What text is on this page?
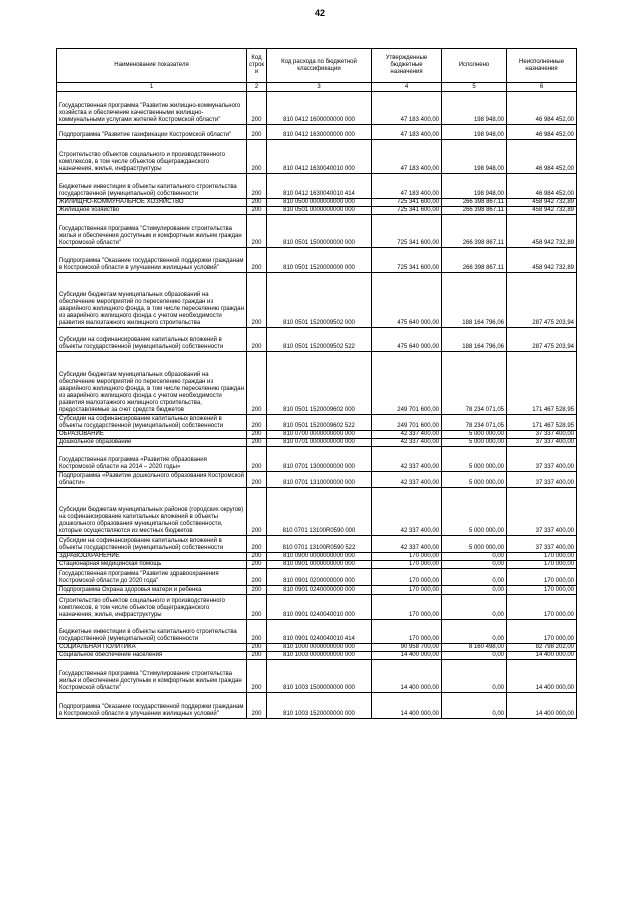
42
Наименование показателя	Код строк и	Код расхода по бюджетной классификации	Утвержденные бюджетные назначения	Исполнено	Неисполненные назначения
1	2	3	4	5	6
Государственная программа "Развитие жилищно-коммунального хозяйства и обеспечение качественными жилищно-коммунальными услугами жителей Костромской области"	200	810 0412 1600000000 000	47 183 400,00	198 948,00	46 984 452,00
Подпрограмма "Развитие газификации Костромской области"	200	810 0412 1630000000 000	47 183 400,00	198 948,00	46 984 452,00
Строительство объектов социального и производственного комплексов, в том числе объектов общегражданского назначения, жилья, инфраструктуры	200	810 0412 1630040010 000	47 183 400,00	198 948,00	46 984 452,00
Бюджетные инвестиции в объекты капитального строительства государственной (муниципальной) собственности	200	810 0412 1630040010 414	47 183 400,00	198 948,00	46 984 452,00
ЖИЛИЩНО-КОММУНАЛЬНОЕ ХОЗЯЙСТВО	200	810 0500 0000000000 000	725 341 600,00	266 398 867,11	458 942 732,89
Жилищное хозяйство	200	810 0501 0000000000 000	725 341 600,00	266 398 867,11	458 942 732,89
Государственная программа "Стимулирование строительства жилья и обеспечения доступным и комфортным жильем граждан Костромской области"	200	810 0501 1500000000 000	725 341 600,00	266 398 867,11	458 942 732,89
Подпрограмма "Оказание государственной поддержки гражданам в Костромской области в улучшении жилищных условий"	200	810 0501 1520000000 000	725 341 600,00	266 398 867,11	458 942 732,89
Субсидии бюджетам муниципальных образований на обеспечение мероприятий по переселению граждан из аварийного жилищного фонда, в том числе переселению граждан из аварийного жилищного фонда с учетом необходимости развития малоэтажного жилищного строительства	200	810 0501 1520009502 000	475 640 000,00	188 164 796,06	287 475 203,94
Субсидии на софинансирование капитальных вложений в объекты государственной (муниципальной) собственности	200	810 0501 1520009502 522	475 640 000,00	188 164 796,06	287 475 203,94
Субсидии бюджетам муниципальных образований на обеспечение мероприятий по переселению граждан из аварийного жилищного фонда, в том числе переселению граждан из аварийного жилищного фонда с учетом необходимости развития малоэтажного жилищного строительства, предоставляемые за счет средств бюджетов	200	810 0501 1520009602 000	249 701 600,00	78 234 071,05	171 467 528,95
Субсидии на софинансирование капитальных вложений в объекты государственной (муниципальной) собственности	200	810 0501 1520009602 522	249 701 600,00	78 234 071,05	171 467 528,95
ОБРАЗОВАНИЕ	200	810 0700 0000000000 000	42 337 400,00	5 000 000,00	37 337 400,00
Дошкольное образование	200	810 0701 0000000000 000	42 337 400,00	5 000 000,00	37 337 400,00
Государственная программа «Развитие образования Костромской области на 2014 – 2020 годы»	200	810 0701 1300000000 000	42 337 400,00	5 000 000,00	37 337 400,00
Подпрограмма «Развитие дошкольного образования Костромской области»	200	810 0701 1310000000 000	42 337 400,00	5 000 000,00	37 337 400,00
Субсидии бюджетам муниципальных районов (городских округов) на софинансирование капитальных вложений в объекты дошкольного образования муниципальной собственности, которые осуществляются из местных бюджетов	200	810 0701 13100R0590 000	42 337 400,00	5 000 000,00	37 337 400,00
Субсидии на софинансирование капитальных вложений в объекты государственной (муниципальной) собственности	200	810 0701 13100R0590 522	42 337 400,00	5 000 000,00	37 337 400,00
ЗДРАВООХРАНЕНИЕ	200	810 0900 0000000000 000	170 000,00	0,00	170 000,00
Стационарная медицинская помощь	200	810 0901 0000000000 000	170 000,00	0,00	170 000,00
Государственная программа "Развитие здравоохранения Костромской области до 2020 года"	200	810 0901 0200000000 000	170 000,00	0,00	170 000,00
Подпрограмма Охрана здоровья матери и ребенка	200	810 0901 0240000000 000	170 000,00	0,00	170 000,00
Строительство объектов социального и производственного комплексов, в том числе объектов общегражданского назначения, жилья, инфраструктуры	200	810 0901 0240040010 000	170 000,00	0,00	170 000,00
Бюджетные инвестиции в объекты капитального строительства государственной (муниципальной) собственности	200	810 0901 0240040010 414	170 000,00	0,00	170 000,00
СОЦИАЛЬНАЯ ПОЛИТИКА	200	810 1000 0000000000 000	90 958 700,00	8 160 498,00	82 798 202,00
Социальное обеспечение населения	200	810 1003 0000000000 000	14 400 000,00	0,00	14 400 000,00
Государственная программа "Стимулирование строительства жилья и обеспечения доступным и комфортным жильем граждан Костромской области"	200	810 1003 1500000000 000	14 400 000,00	0,00	14 400 000,00
Подпрограмма "Оказание государственной поддержки гражданам в Костромской области в улучшении жилищных условий"	200	810 1003 1520000000 000	14 400 000,00	0,00	14 400 000,00
